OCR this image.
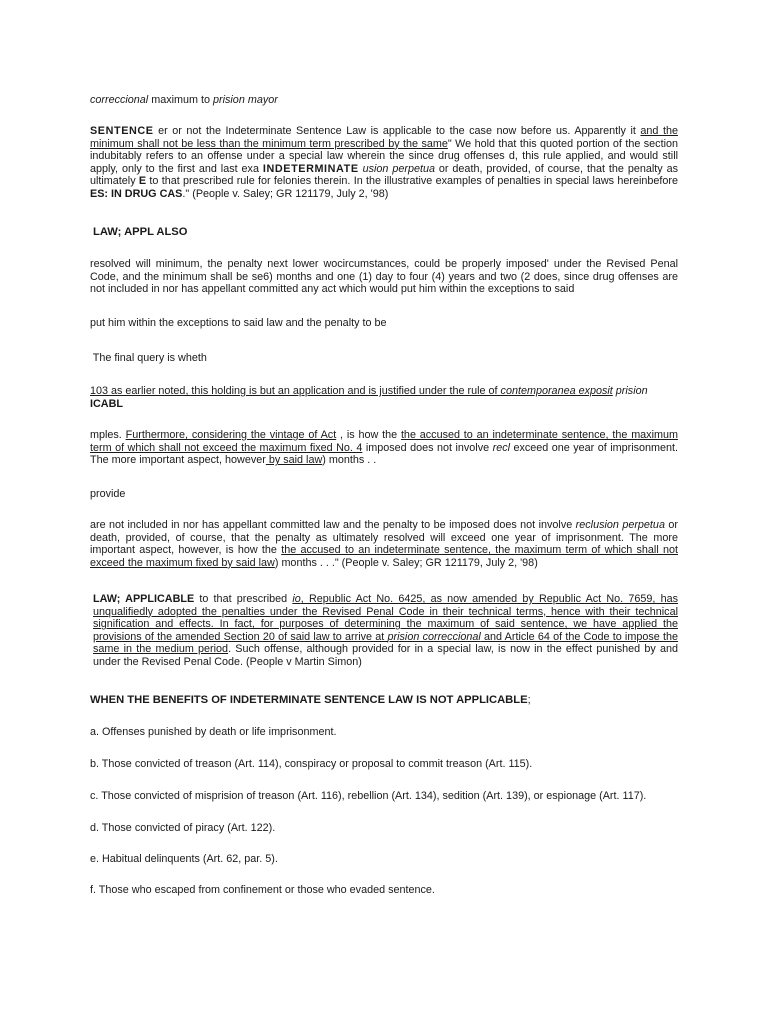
correccional maximum to prision mayor

SENTENCE er or not the Indeterminate Sentence Law is applicable to the case now before us. Apparently it and the minimum shall not be less than the minimum term prescribed by the same" We hold that this quoted portion of the section indubitably refers to an offense under a special law wherein the since drug offenses d, this rule applied, and would still apply, only to the first and last exa INDETERMINATE usion perpetua or death, provided, of course, that the penalty as ultimately E to that prescribed rule for felonies therein. In the illustrative examples of penalties in special laws hereinbefore ES: IN DRUG CAS." (People v. Saley; GR 121179, July 2, '98)

LAW; APPL ALSO

resolved will minimum, the penalty next lower wocircumstances, could be properly imposed' under the Revised Penal Code, and the minimum shall be se6) months and one (1) day to four (4) years and two (2 does, since drug offenses are not included in nor has appellant committed any act which would put him within the exceptions to said

put him within the exceptions to said law and the penalty to be

The final query is wheth

103 as earlier noted, this holding is but an application and is justified under the rule of contemporanea exposit prision
ICABL

mples. Furthermore, considering the vintage of Act , is how the the accused to an indeterminate sentence, the maximum term of which shall not exceed the maximum fixed No. 4 imposed does not involve recl exceed one year of imprisonment. The more important aspect, however by said law) months . .

provide

are not included in nor has appellant committed law and the penalty to be imposed does not involve reclusion perpetua or death, provided, of course, that the penalty as ultimately resolved will exceed one year of imprisonment. The more important aspect, however, is how the the accused to an indeterminate sentence, the maximum term of which shall not exceed the maximum fixed by said law) months . . ." (People v. Saley; GR 121179, July 2, '98)

LAW; APPLICABLE to that prescribed io, Republic Act No. 6425, as now amended by Republic Act No. 7659, has unqualifiedly adopted the penalties under the Revised Penal Code in their technical terms, hence with their technical signification and effects. In fact, for purposes of determining the maximum of said sentence, we have applied the provisions of the amended Section 20 of said law to arrive at prision correccional and Article 64 of the Code to impose the same in the medium period. Such offense, although provided for in a special law, is now in the effect punished by and under the Revised Penal Code. (People v Martin Simon)

WHEN THE BENEFITS OF INDETERMINATE SENTENCE LAW IS NOT APPLICABLE;

a. Offenses punished by death or life imprisonment.

b. Those convicted of treason (Art. 114), conspiracy or proposal to commit treason (Art. 115).

c. Those convicted of misprision of treason (Art. 116), rebellion (Art. 134), sedition (Art. 139), or espionage (Art. 117).

d. Those convicted of piracy (Art. 122).

e. Habitual delinquents (Art. 62, par. 5).

f. Those who escaped from confinement or those who evaded sentence.
